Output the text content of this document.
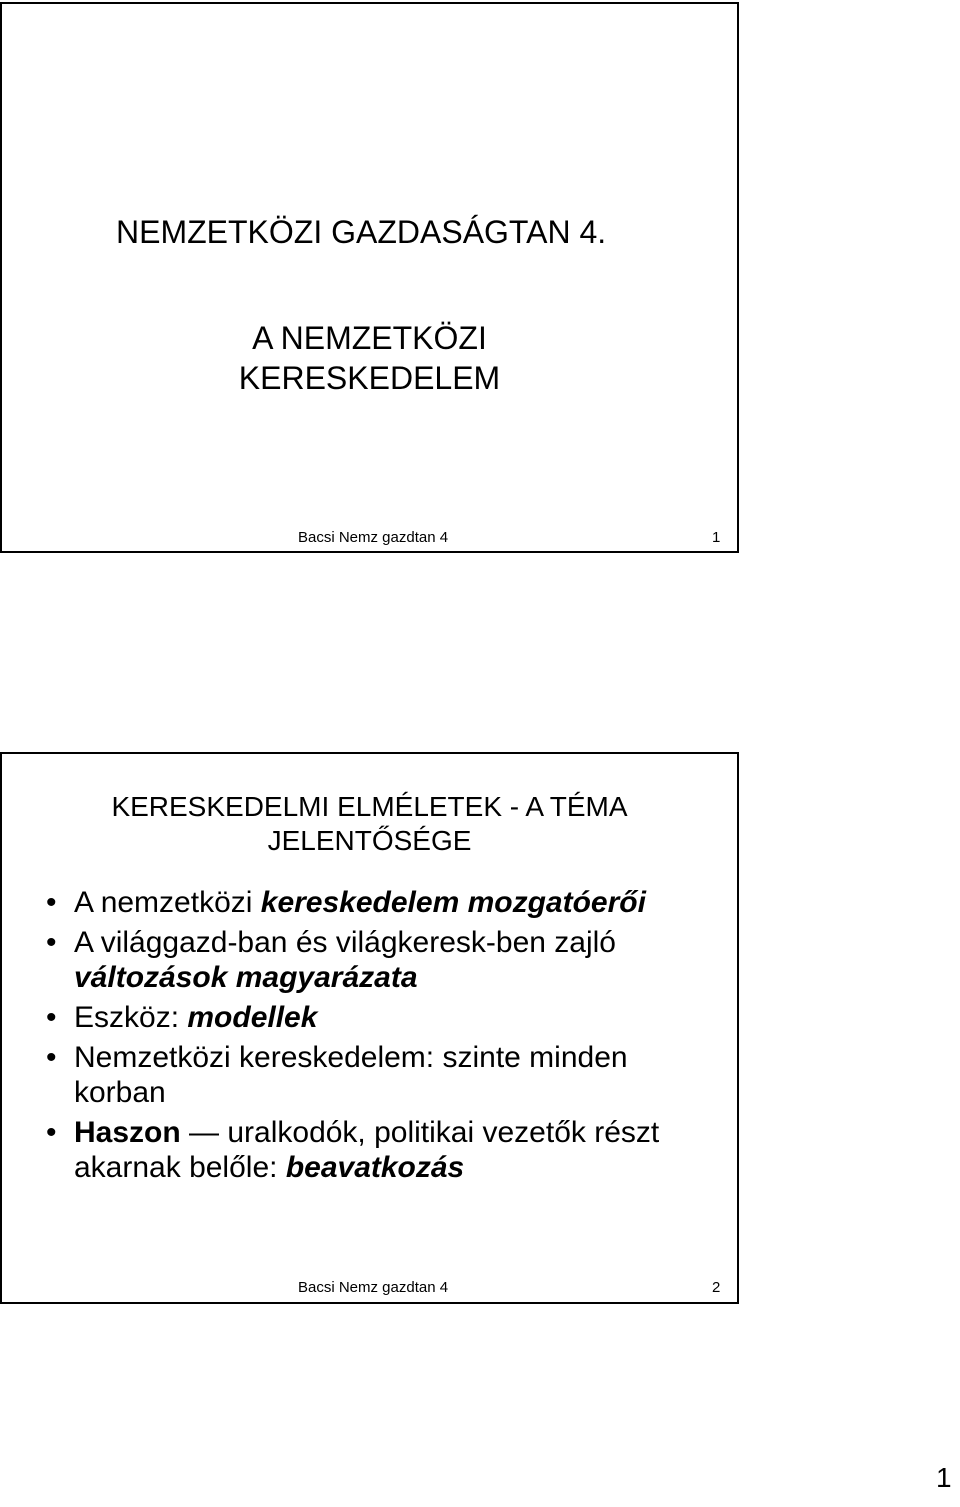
NEMZETKÖZI GAZDASÁGTAN 4.
A NEMZETKÖZI
KERESKEDELEM
Bacsi Nemz gazdtan 4	1
KERESKEDELMI ELMÉLETEK - A TÉMA
JELENTŐSÉGE
• A nemzetközi kereskedelem mozgatóerői
• A világgazd-ban és világkeresk-ben zajló változások magyarázata
• Eszköz: modellek
• Nemzetközi kereskedelem: szinte minden korban
• Haszon — uralkodók, politikai vezetők részt akarnak belőle: beavatkozás
Bacsi Nemz gazdtan 4	2
1
